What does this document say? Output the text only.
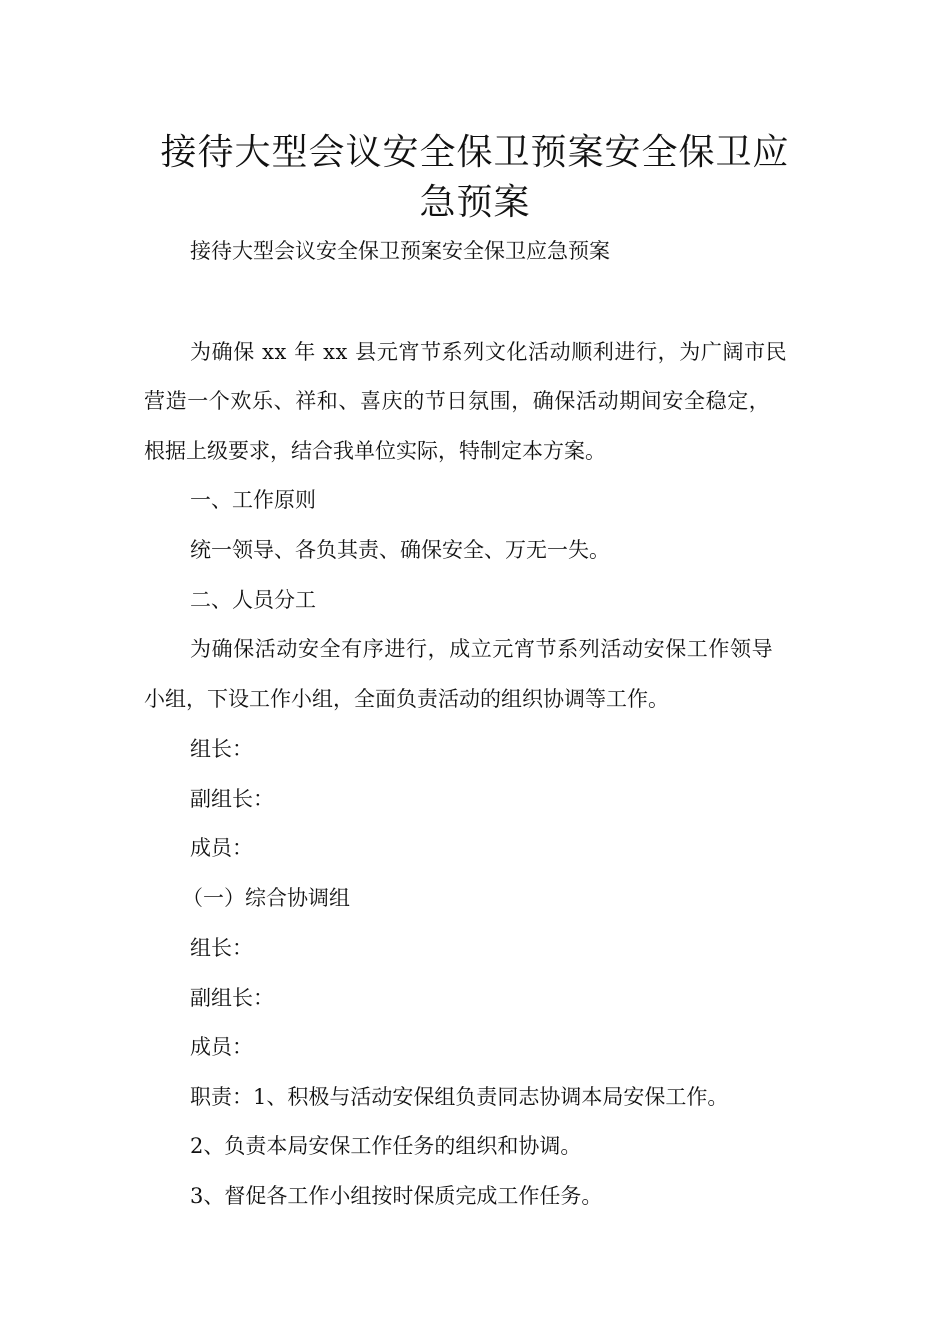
接待大型会议安全保卫预案安全保卫应
急预案

接待大型会议安全保卫预案安全保卫应急预案

为确保 xx 年 xx 县元宵节系列文化活动顺利进行，为广阔市民

营造一个欢乐、祥和、喜庆的节日氛围，确保活动期间安全稳定，

根据上级要求，结合我单位实际，特制定本方案。

一、工作原则

统一领导、各负其责、确保安全、万无一失。

二、人员分工

为确保活动安全有序进行，成立元宵节系列活动安保工作领导

小组，下设工作小组，全面负责活动的组织协调等工作。

组长：

副组长：

成员：

（一）综合协调组

组长：

副组长：

成员：

职责：1、积极与活动安保组负责同志协调本局安保工作。

2、负责本局安保工作任务的组织和协调。

3、督促各工作小组按时保质完成工作任务。
